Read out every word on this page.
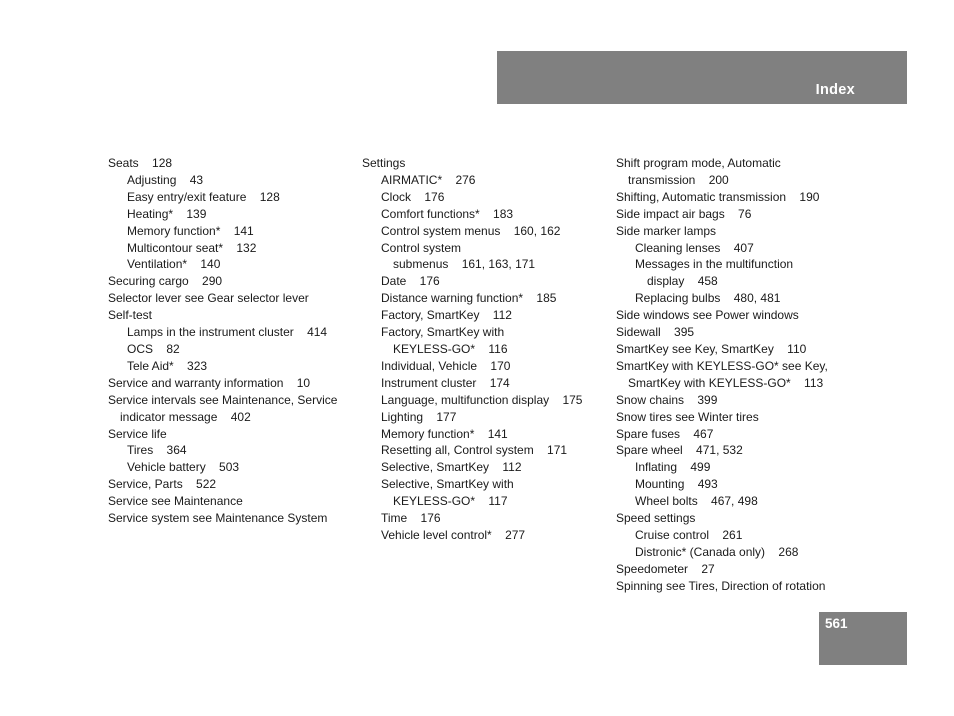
Index
Seats    128
Adjusting    43
Easy entry/exit feature    128
Heating*    139
Memory function*    141
Multicontour seat*    132
Ventilation*    140
Securing cargo    290
Selector lever see Gear selector lever
Self-test
Lamps in the instrument cluster    414
OCS    82
Tele Aid*    323
Service and warranty information    10
Service intervals see Maintenance, Service
indicator message    402
Service life
Tires    364
Vehicle battery    503
Service, Parts    522
Service see Maintenance
Service system see Maintenance System
Settings
AIRMATIC*    276
Clock    176
Comfort functions*    183
Control system menus    160, 162
Control system
submenus    161, 163, 171
Date    176
Distance warning function*    185
Factory, SmartKey    112
Factory, SmartKey with
KEYLESS-GO*    116
Individual, Vehicle    170
Instrument cluster    174
Language, multifunction display    175
Lighting    177
Memory function*    141
Resetting all, Control system    171
Selective, SmartKey    112
Selective, SmartKey with
KEYLESS-GO*    117
Time    176
Vehicle level control*    277
Shift program mode, Automatic
transmission    200
Shifting, Automatic transmission    190
Side impact air bags    76
Side marker lamps
Cleaning lenses    407
Messages in the multifunction
display    458
Replacing bulbs    480, 481
Side windows see Power windows
Sidewall    395
SmartKey see Key, SmartKey    110
SmartKey with KEYLESS-GO* see Key,
SmartKey with KEYLESS-GO*    113
Snow chains    399
Snow tires see Winter tires
Spare fuses    467
Spare wheel    471, 532
Inflating    499
Mounting    493
Wheel bolts    467, 498
Speed settings
Cruise control    261
Distronic* (Canada only)    268
Speedometer    27
Spinning see Tires, Direction of rotation
561
